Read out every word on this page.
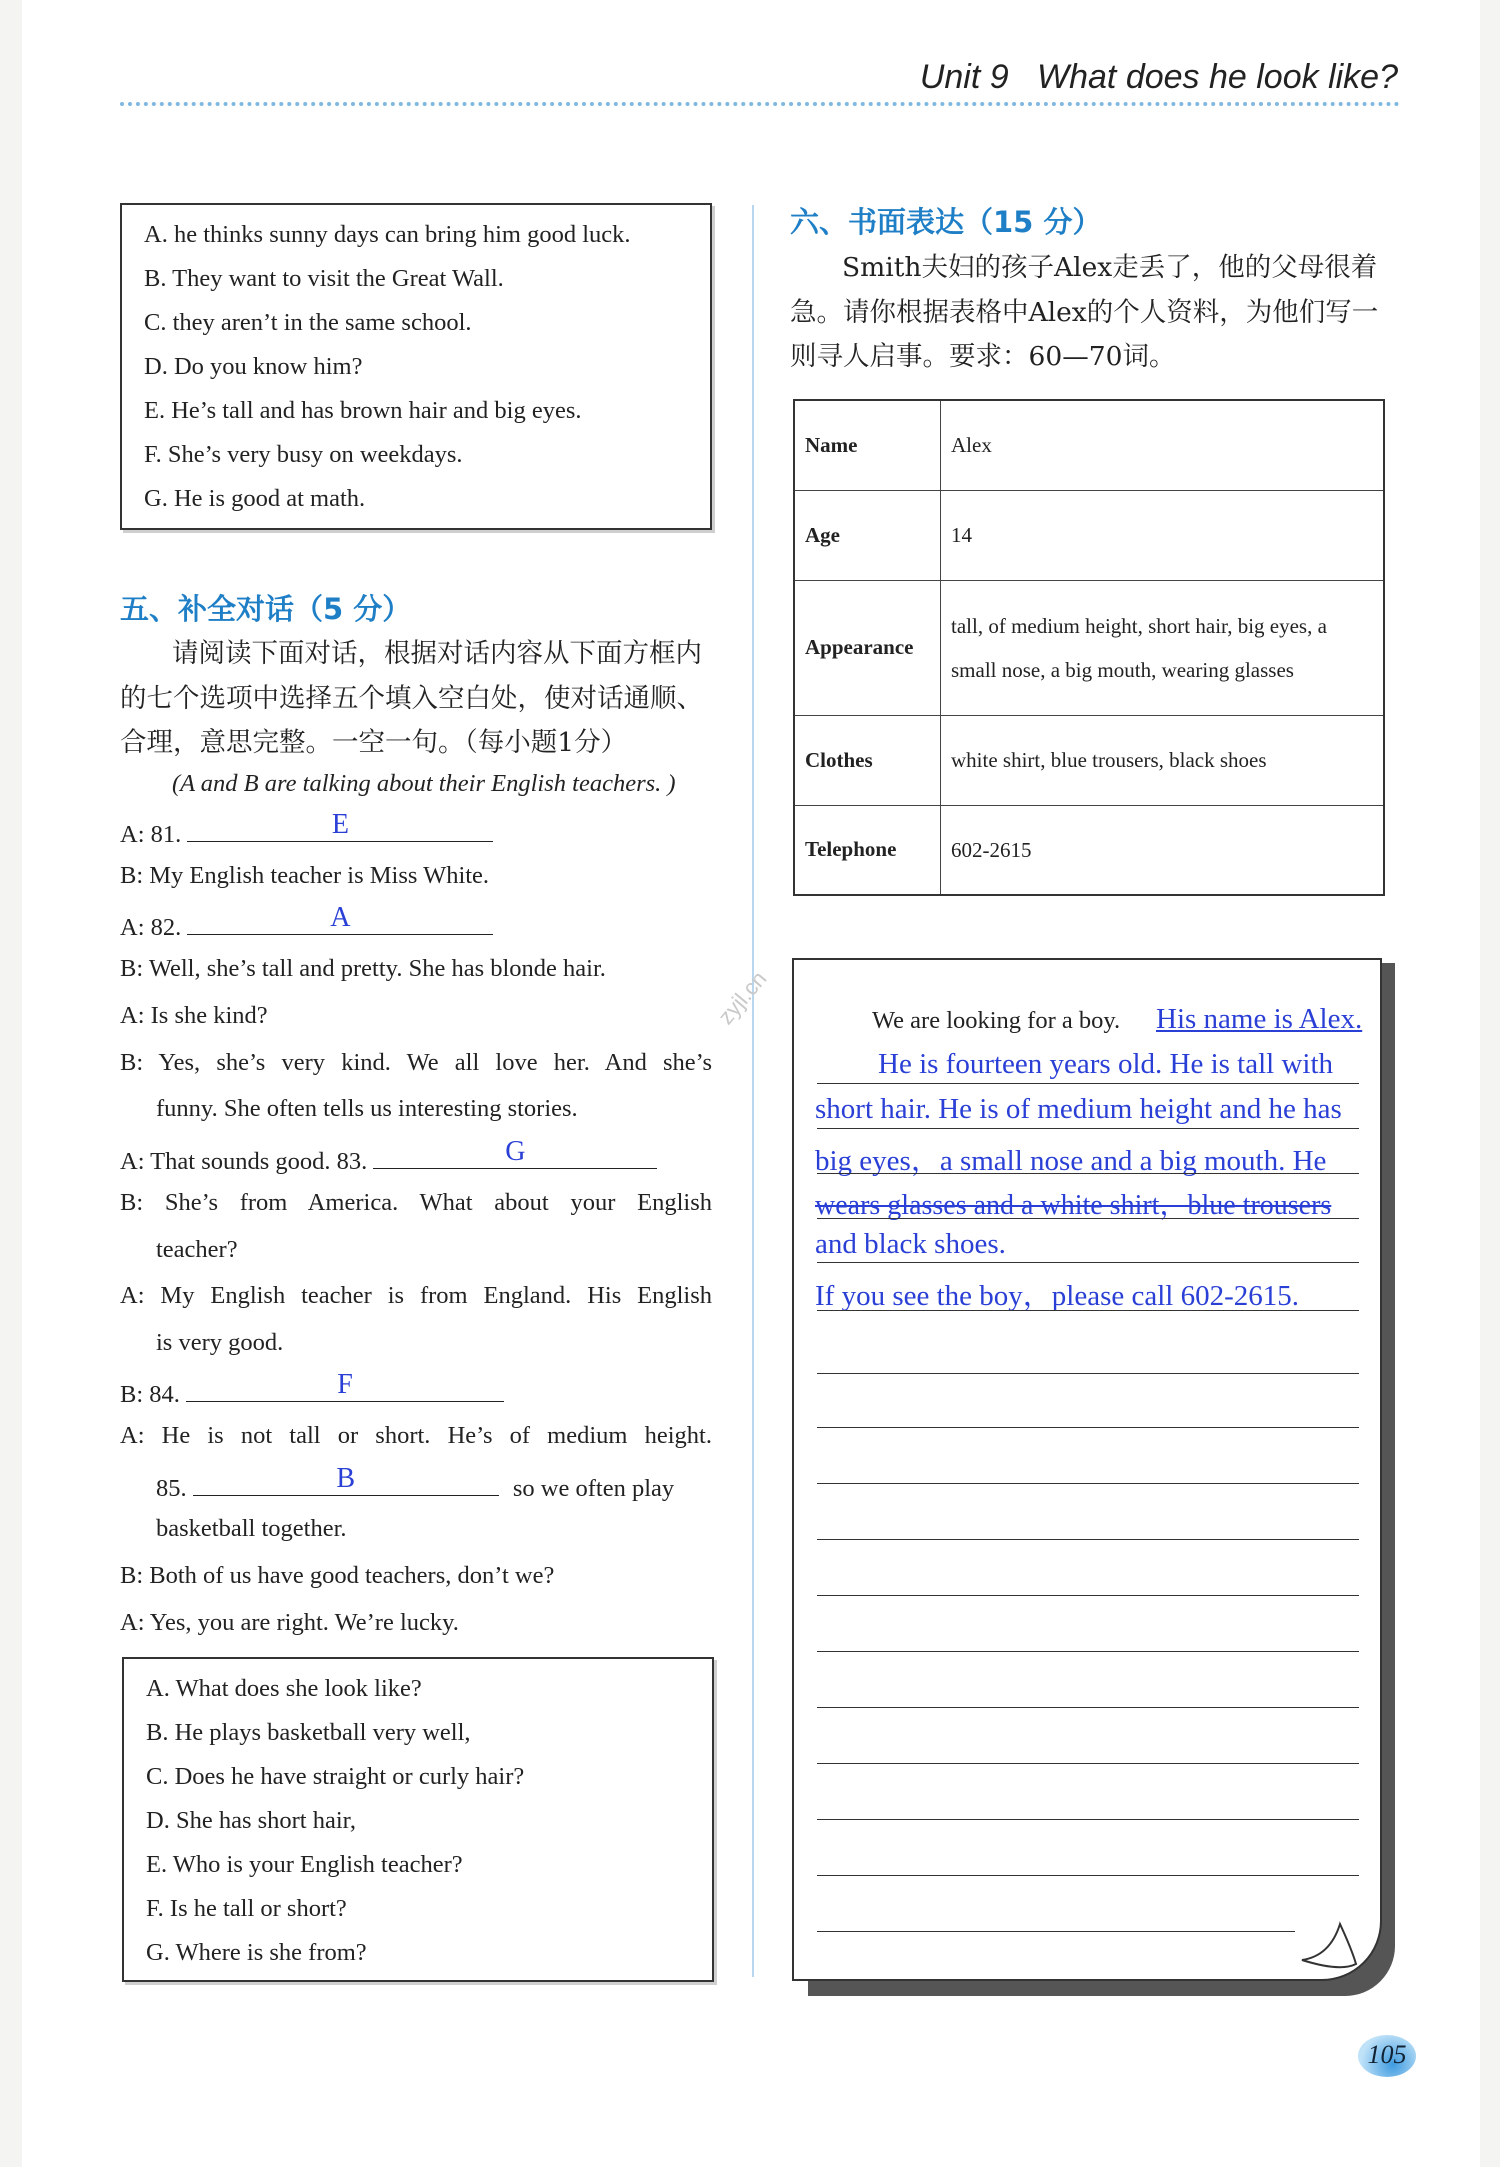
Unit 9 What does he look like?
A. he thinks sunny days can bring him good luck.
B. They want to visit the Great Wall.
C. they aren’t in the same school.
D. Do you know him?
E. He’s tall and has brown hair and big eyes.
F. She’s very busy on weekdays.
G. He is good at math.
五、补全对话（5 分）
请阅读下面对话，根据对话内容从下面方框内的七个选项中选择五个填入空白处，使对话通顺、合理，意思完整。一空一句。（每小题1分）
(A and B are talking about their English teachers. )
A: 81.	E
B: My English teacher is Miss White.
A: 82.	A
B: Well, she’s tall and pretty. She has blonde hair.
A: Is she kind?
B: Yes, she’s very kind. We all love her. And she’s
funny. She often tells us interesting stories.
A: That sounds good. 83.	G
B: She’s from America. What about your English
teacher?
A: My English teacher is from England. His English
is very good.
B: 84.	F
A: He is not tall or short. He’s of medium height.
85.	B	so we often play
basketball together.
B: Both of us have good teachers, don’t we?
A: Yes, you are right. We’re lucky.
A. What does she look like?
B. He plays basketball very well,
C. Does he have straight or curly hair?
D. She has short hair,
E. Who is your English teacher?
F. Is he tall or short?
G. Where is she from?
六、书面表达（15 分）
Smith夫妇的孩子Alex走丢了，他的父母很着急。请你根据表格中Alex的个人资料，为他们写一则寻人启事。要求：60—70词。
Name	Alex
Age	14
Appearance	tall, of medium height, short hair, big eyes, a small nose, a big mouth, wearing glasses
Clothes	white shirt, blue trousers, black shoes
Telephone	602-2615
We are looking for a boy. His name is Alex.
He is fourteen years old. He is tall with
short hair. He is of medium height and he has
big eyes，a small nose and a big mouth. He
wears glasses and a white shirt，blue trousers
and black shoes.
If you see the boy，please call 602-2615.
zyjl.cn
105
